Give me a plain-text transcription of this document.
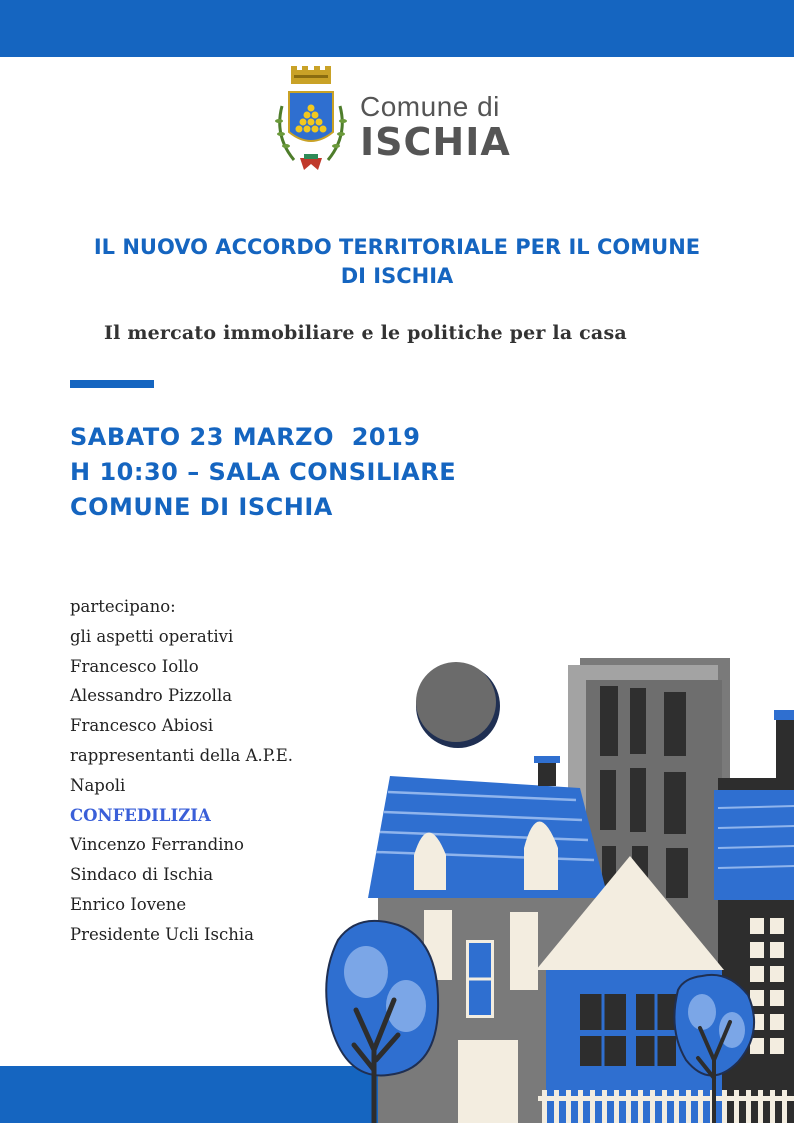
Comune di
ISCHIA
IL NUOVO ACCORDO TERRITORIALE PER IL COMUNE
DI ISCHIA
Il mercato immobiliare e le politiche per la casa
SABATO 23 MARZO  2019
H 10:30 – SALA CONSILIARE
COMUNE DI ISCHIA
partecipano:
gli aspetti operativi
Francesco Iollo
Alessandro Pizzolla
Francesco Abiosi
rappresentanti della A.P.E.
Napoli
CONFEDILIZIA
Vincenzo Ferrandino
Sindaco di Ischia
Enrico Iovene
Presidente Ucli Ischia
